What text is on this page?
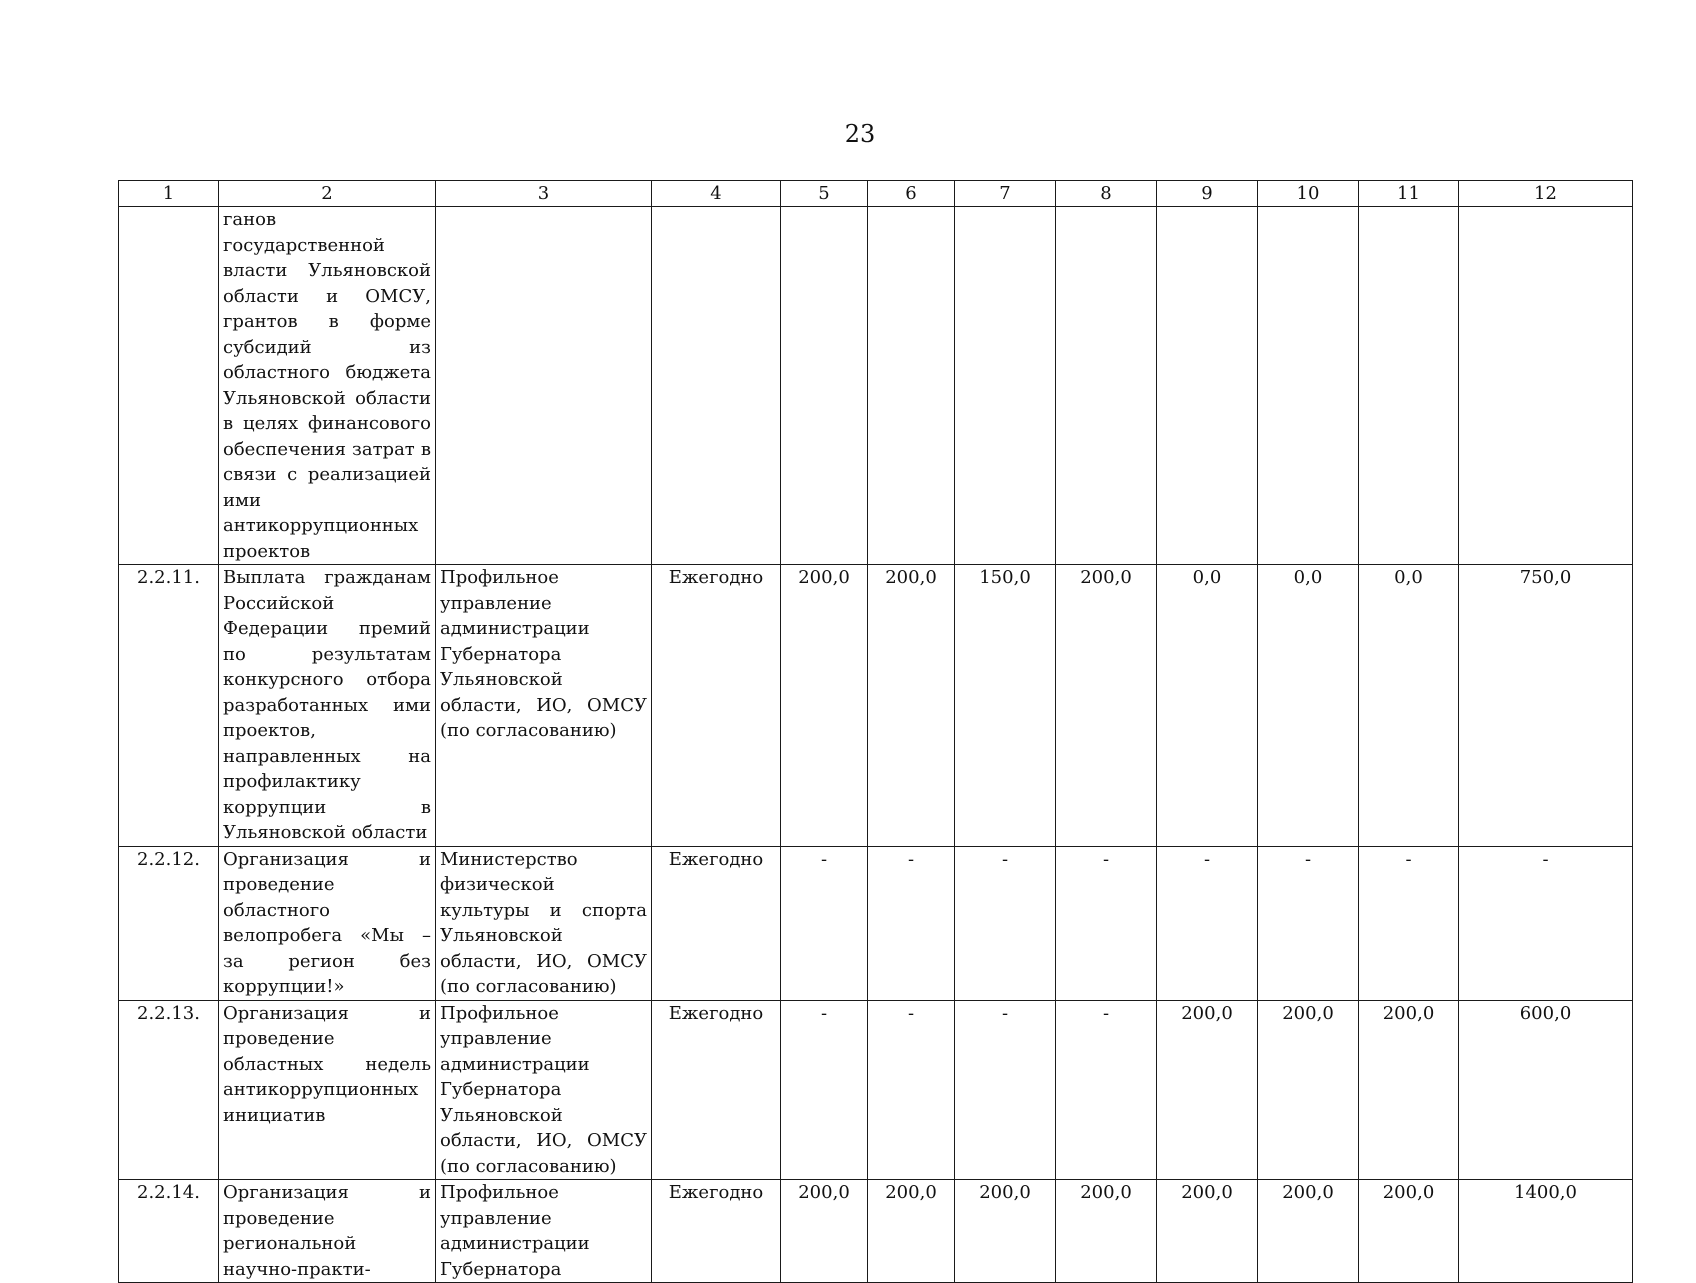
23
1	2	3	4	5	6	7	8	9	10	11	12
	ганов государственной власти Ульяновской области и ОМСУ, грантов в форме субсидий из областного бюджета Ульяновской области в целях финансового обеспечения затрат в связи с реализацией ими антикоррупционных проектов										
2.2.11.	Выплата гражданам Российской Федерации премий по результатам конкурсного отбора разработанных ими проектов, направленных на профилактику коррупции в Ульяновской области	Профильное управление администрации Губернатора Ульяновской области, ИО, ОМСУ (по согласованию)	Ежегодно	200,0	200,0	150,0	200,0	0,0	0,0	0,0	750,0
2.2.12.	Организация и проведение областного велопробега «Мы – за регион без коррупции!»	Министерство физической культуры и спорта Ульяновской области, ИО, ОМСУ (по согласованию)	Ежегодно	-	-	-	-	-	-	-	-
2.2.13.	Организация и проведение областных недель антикоррупционных инициатив	Профильное управление администрации Губернатора Ульяновской области, ИО, ОМСУ (по согласованию)	Ежегодно	-	-	-	-	200,0	200,0	200,0	600,0
2.2.14.	Организация и проведение региональной научно-практи-	Профильное управление администрации Губернатора	Ежегодно	200,0	200,0	200,0	200,0	200,0	200,0	200,0	1400,0
